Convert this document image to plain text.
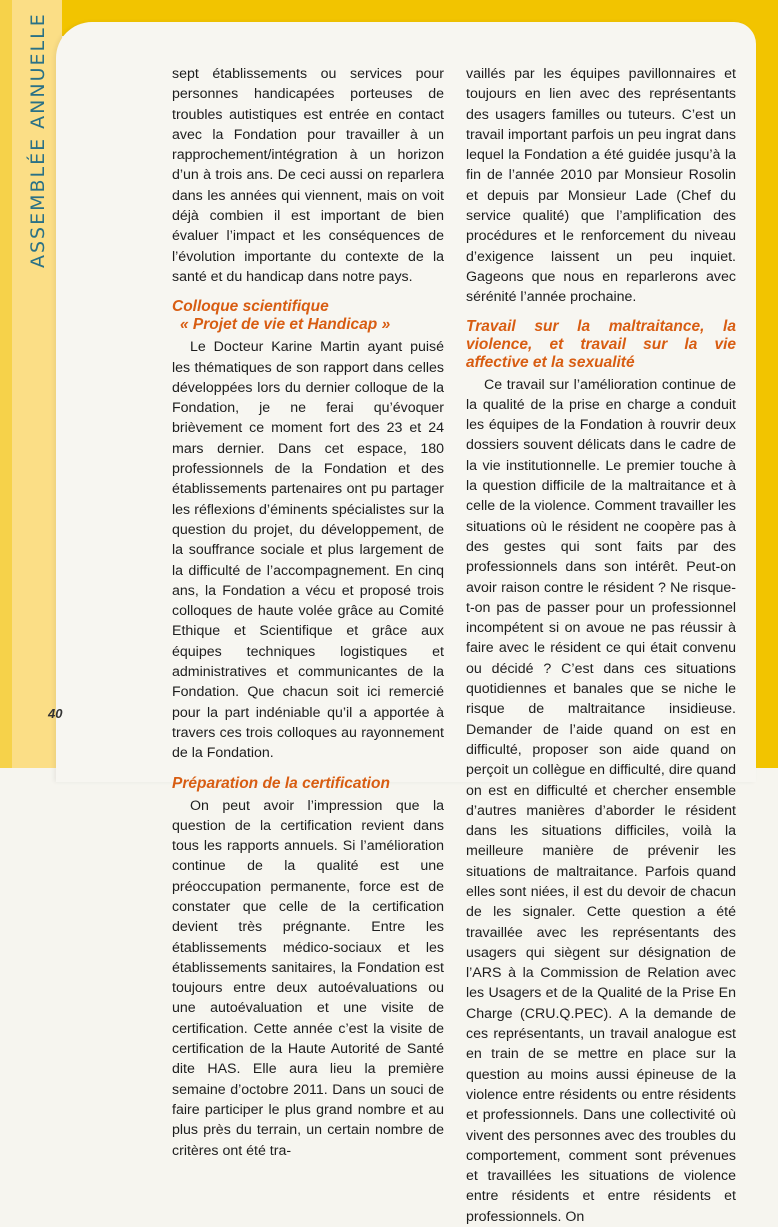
ASSEMBLÉE ANNUELLE	sept établissements ou services pour personnes handicapées porteuses de troubles autistiques est entrée en contact avec la Fondation pour travailler à un rapprochement/intégration à un horizon d’un à trois ans. De ceci aussi on reparlera dans les années qui viennent, mais on voit déjà combien il est important de bien évaluer l’impact et les conséquences de l’évolution importante du contexte de la santé et du handicap dans notre pays.

Colloque scientifique
« Projet de vie et Handicap »

Le Docteur Karine Martin ayant puisé les thématiques de son rapport dans celles développées lors du dernier colloque de la Fondation, je ne ferai qu’évoquer brièvement ce moment fort des 23 et 24 mars dernier. Dans cet espace, 180 professionnels de la Fondation et des établissements partenaires ont pu partager les réflexions d’éminents spécialistes sur la question du projet, du développement, de la souffrance sociale et plus largement de la difficulté de l’accompagnement. En cinq ans, la Fondation a vécu et proposé trois colloques de haute volée grâce au Comité Ethique et Scientifique et grâce aux équipes techniques logistiques et administratives et communicantes de la Fondation. Que chacun soit ici remercié pour la part indéniable qu’il a apportée à travers ces trois colloques au rayonnement de la Fondation.

Préparation de la certification

On peut avoir l’impression que la question de la certification revient dans tous les rapports annuels. Si l’amélioration continue de la qualité est une préoccupation permanente, force est de constater que celle de la certification devient très prégnante. Entre les établissements médico-sociaux et les établissements sanitaires, la Fondation est toujours entre deux autoévaluations ou une autoévaluation et une visite de certification. Cette année c’est la visite de certification de la Haute Autorité de Santé dite HAS. Elle aura lieu la première semaine d’octobre 2011. Dans un souci de faire participer le plus grand nombre et au plus près du terrain, un certain nombre de critères ont été tra-

vaillés par les équipes pavillonnaires et toujours en lien avec des représentants des usagers familles ou tuteurs. C’est un travail important parfois un peu ingrat dans lequel la Fondation a été guidée jusqu’à la fin de l’année 2010 par Monsieur Rosolin et depuis par Monsieur Lade (Chef du service qualité) que l’amplification des procédures et le renforcement du niveau d’exigence laissent un peu inquiet. Gageons que nous en reparlerons avec sérénité l’année prochaine.

Travail sur la maltraitance, la violence, et travail sur la vie affective et la sexualité

Ce travail sur l’amélioration continue de la qualité de la prise en charge a conduit les équipes de la Fondation à rouvrir deux dossiers souvent délicats dans le cadre de la vie institutionnelle. Le premier touche à la question difficile de la maltraitance et à celle de la violence. Comment travailler les situations où le résident ne coopère pas à des gestes qui sont faits par des professionnels dans son intérêt. Peut-on avoir raison contre le résident ? Ne risque-t-on pas de passer pour un professionnel incompétent si on avoue ne pas réussir à faire avec le résident ce qui était convenu ou décidé ? C’est dans ces situations quotidiennes et banales que se niche le risque de maltraitance insidieuse. Demander de l’aide quand on est en difficulté, proposer son aide quand on perçoit un collègue en difficulté, dire quand on est en difficulté et chercher ensemble d’autres manières d’aborder le résident dans les situations difficiles, voilà la meilleure manière de prévenir les situations de maltraitance. Parfois quand elles sont niées, il est du devoir de chacun de les signaler. Cette question a été travaillée avec les représentants des usagers qui siègent sur désignation de l’ARS à la Commission de Relation avec les Usagers et de la Qualité de la Prise En Charge (CRU.Q.PEC). A la demande de ces représentants, un travail analogue est en train de se mettre en place sur la question au moins aussi épineuse de la violence entre résidents ou entre résidents et professionnels. Dans une collectivité où vivent des personnes avec des troubles du comportement, comment sont prévenues et travaillées les situations de violence entre résidents et entre résidents et professionnels. On

40
